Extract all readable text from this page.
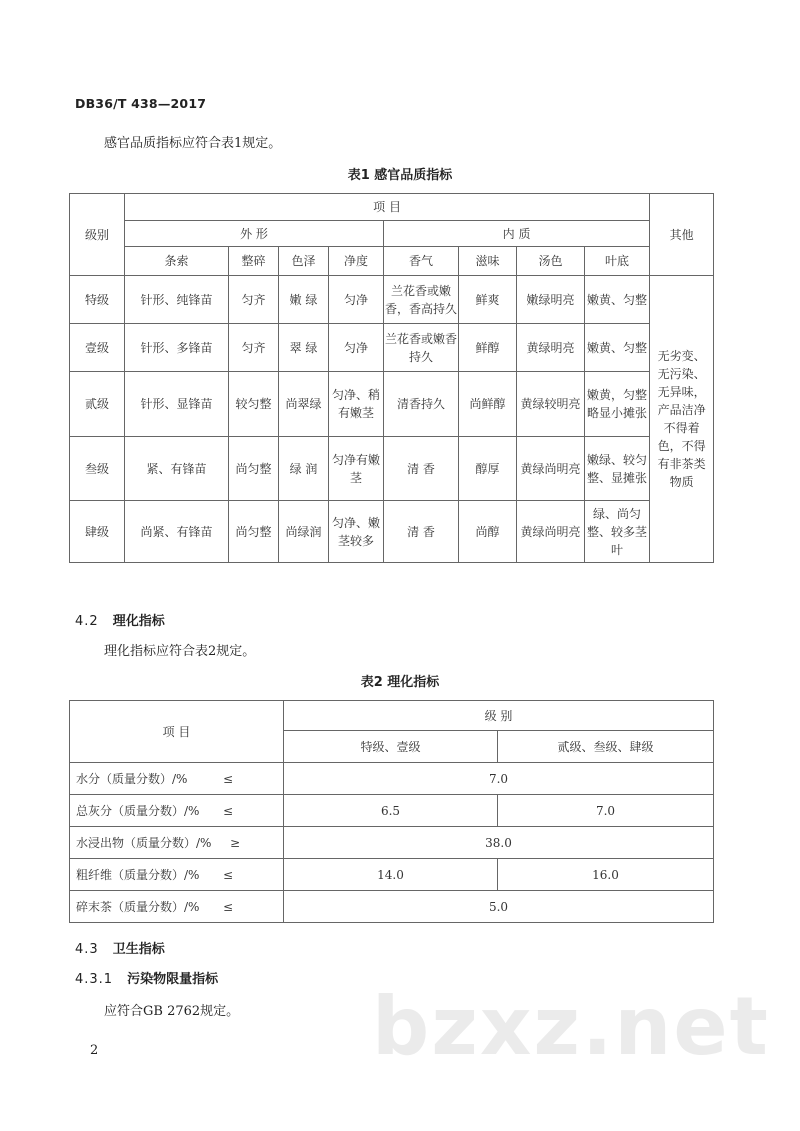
DB36/T 438—2017
感官品质指标应符合表1规定。
表1 感官品质指标
级别	项 目								其他
	外 形				内 质				
	条索	整碎	色泽	净度	香气	滋味	汤色	叶底	
特级	针形、纯锋苗	匀齐	嫩 绿	匀净	兰花香或嫩香，香高持久	鲜爽	嫩绿明亮	嫩黄、匀整	无劣变、无污染、无异味，产品洁净不得着色，不得有非茶类物质
壹级	针形、多锋苗	匀齐	翠 绿	匀净	兰花香或嫩香持久	鲜醇	黄绿明亮	嫩黄、匀整	
贰级	针形、显锋苗	较匀整	尚翠绿	匀净、稍有嫩茎	清香持久	尚鲜醇	黄绿较明亮	嫩黄，匀整略显小摊张	
叁级	紧、有锋苗	尚匀整	绿 润	匀净有嫩茎	清 香	醇厚	黄绿尚明亮	嫩绿、较匀整、显摊张	
肆级	尚紧、有锋苗	尚匀整	尚绿润	匀净、嫩茎较多	清 香	尚醇	黄绿尚明亮	绿、尚匀整、较多茎叶	
4.2 理化指标
理化指标应符合表2规定。
表2 理化指标
项 目	级 别	
	特级、壹级	贰级、叁级、肆级
水分（质量分数）/% ≤	7.0	
总灰分（质量分数）/% ≤	6.5	7.0
水浸出物（质量分数）/% ≥	38.0	
粗纤维（质量分数）/% ≤	14.0	16.0
碎末茶（质量分数）/% ≤	5.0	
4.3 卫生指标
4.3.1 污染物限量指标
应符合GB 2762规定。 bzxz.net
2
